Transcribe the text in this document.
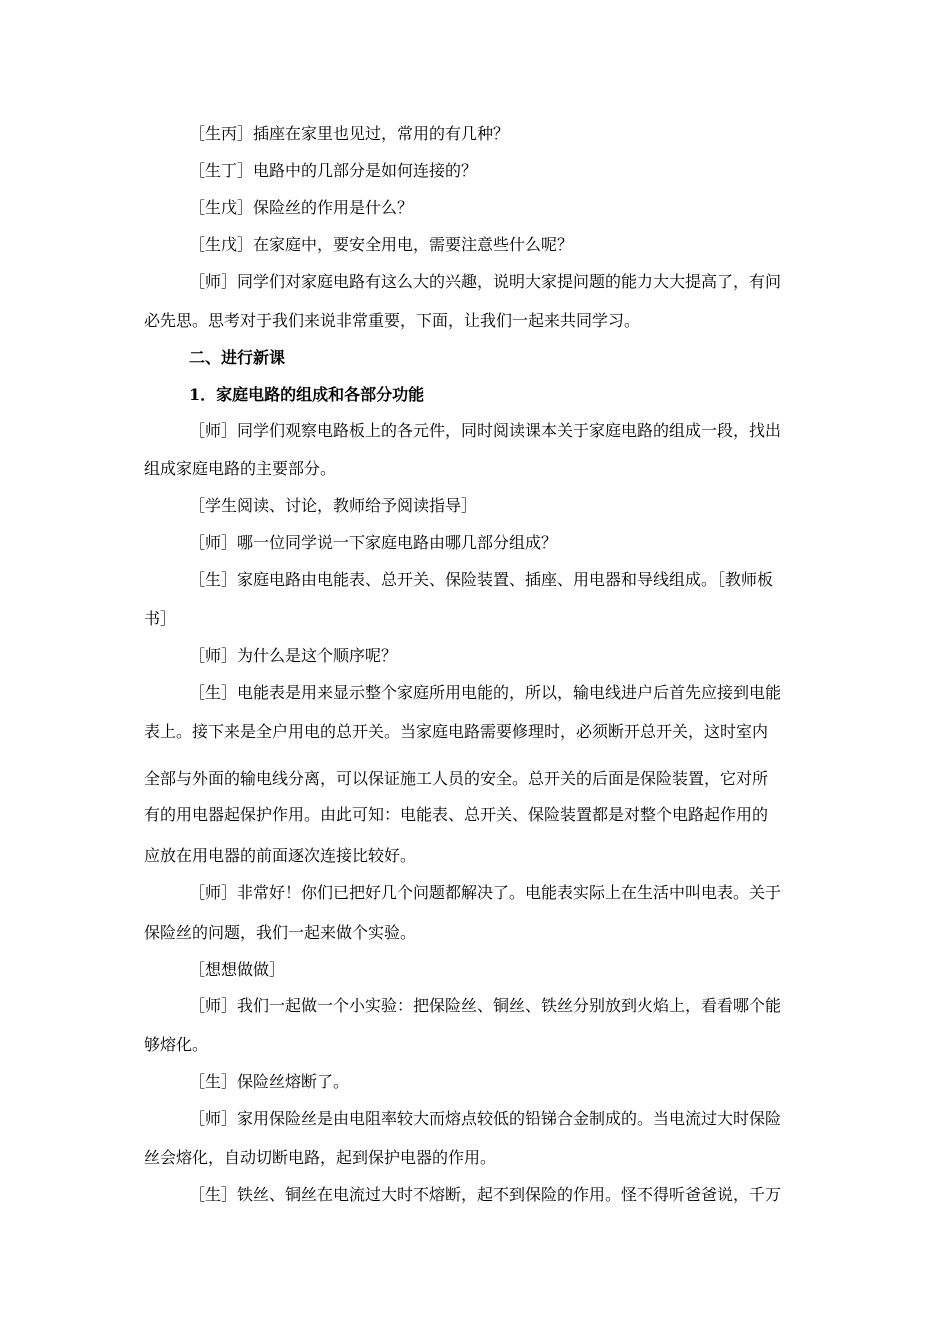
［生丙］插座在家里也见过，常用的有几种？
［生丁］电路中的几部分是如何连接的？
［生戊］保险丝的作用是什么？
［生戊］在家庭中，要安全用电，需要注意些什么呢？
［师］同学们对家庭电路有这么大的兴趣，说明大家提问题的能力大大提高了，有问
必先思。思考对于我们来说非常重要，下面，让我们一起来共同学习。
二、进行新课
1．家庭电路的组成和各部分功能
［师］同学们观察电路板上的各元件，同时阅读课本关于家庭电路的组成一段，找出
组成家庭电路的主要部分。
［学生阅读、讨论，教师给予阅读指导］
［师］哪一位同学说一下家庭电路由哪几部分组成？
［生］家庭电路由电能表、总开关、保险装置、插座、用电器和导线组成。［教师板
书］
［师］为什么是这个顺序呢？
［生］电能表是用来显示整个家庭所用电能的，所以，输电线进户后首先应接到电能
表上。接下来是全户用电的总开关。当家庭电路需要修理时，必须断开总开关，这时室内
全部与外面的输电线分离，可以保证施工人员的安全。总开关的后面是保险装置，它对所
有的用电器起保护作用。由此可知：电能表、总开关、保险装置都是对整个电路起作用的
应放在用电器的前面逐次连接比较好。
［师］非常好！你们已把好几个问题都解决了。电能表实际上在生活中叫电表。关于
保险丝的问题，我们一起来做个实验。
［想想做做］
［师］我们一起做一个小实验：把保险丝、铜丝、铁丝分别放到火焰上，看看哪个能
够熔化。
［生］保险丝熔断了。
［师］家用保险丝是由电阻率较大而熔点较低的铅锑合金制成的。当电流过大时保险
丝会熔化，自动切断电路，起到保护电器的作用。
［生］铁丝、铜丝在电流过大时不熔断，起不到保险的作用。怪不得听爸爸说，千万
